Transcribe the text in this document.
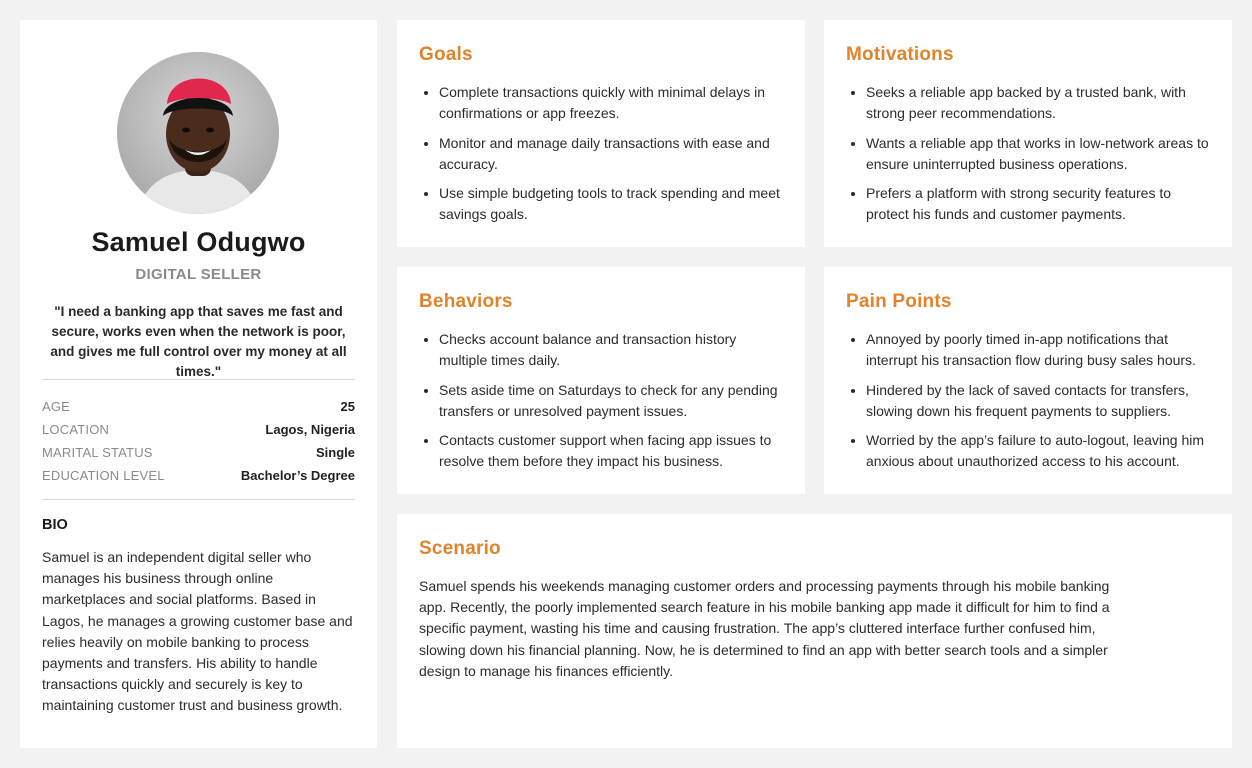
Samuel Odugwo
DIGITAL SELLER
"I need a banking app that saves me fast and secure, works even when the network is poor, and gives me full control over my money at all times."
AGE	25
LOCATION	Lagos, Nigeria
MARITAL STATUS	Single
EDUCATION LEVEL	Bachelor’s Degree
BIO
Samuel is an independent digital seller who manages his business through online marketplaces and social platforms. Based in Lagos, he manages a growing customer base and relies heavily on mobile banking to process payments and transfers. His ability to handle transactions quickly and securely is key to maintaining customer trust and business growth.
Goals
• Complete transactions quickly with minimal delays in confirmations or app freezes.
• Monitor and manage daily transactions with ease and accuracy.
• Use simple budgeting tools to track spending and meet savings goals.
Motivations
• Seeks a reliable app backed by a trusted bank, with strong peer recommendations.
• Wants a reliable app that works in low-network areas to ensure uninterrupted business operations.
• Prefers a platform with strong security features to protect his funds and customer payments.
Behaviors
• Checks account balance and transaction history multiple times daily.
• Sets aside time on Saturdays to check for any pending transfers or unresolved payment issues.
• Contacts customer support when facing app issues to resolve them before they impact his business.
Pain Points
• Annoyed by poorly timed in-app notifications that interrupt his transaction flow during busy sales hours.
• Hindered by the lack of saved contacts for transfers, slowing down his frequent payments to suppliers.
• Worried by the app’s failure to auto-logout, leaving him anxious about unauthorized access to his account.
Scenario
Samuel spends his weekends managing customer orders and processing payments through his mobile banking app. Recently, the poorly implemented search feature in his mobile banking app made it difficult for him to find a specific payment, wasting his time and causing frustration. The app’s cluttered interface further confused him, slowing down his financial planning. Now, he is determined to find an app with better search tools and a simpler design to manage his finances efficiently.
